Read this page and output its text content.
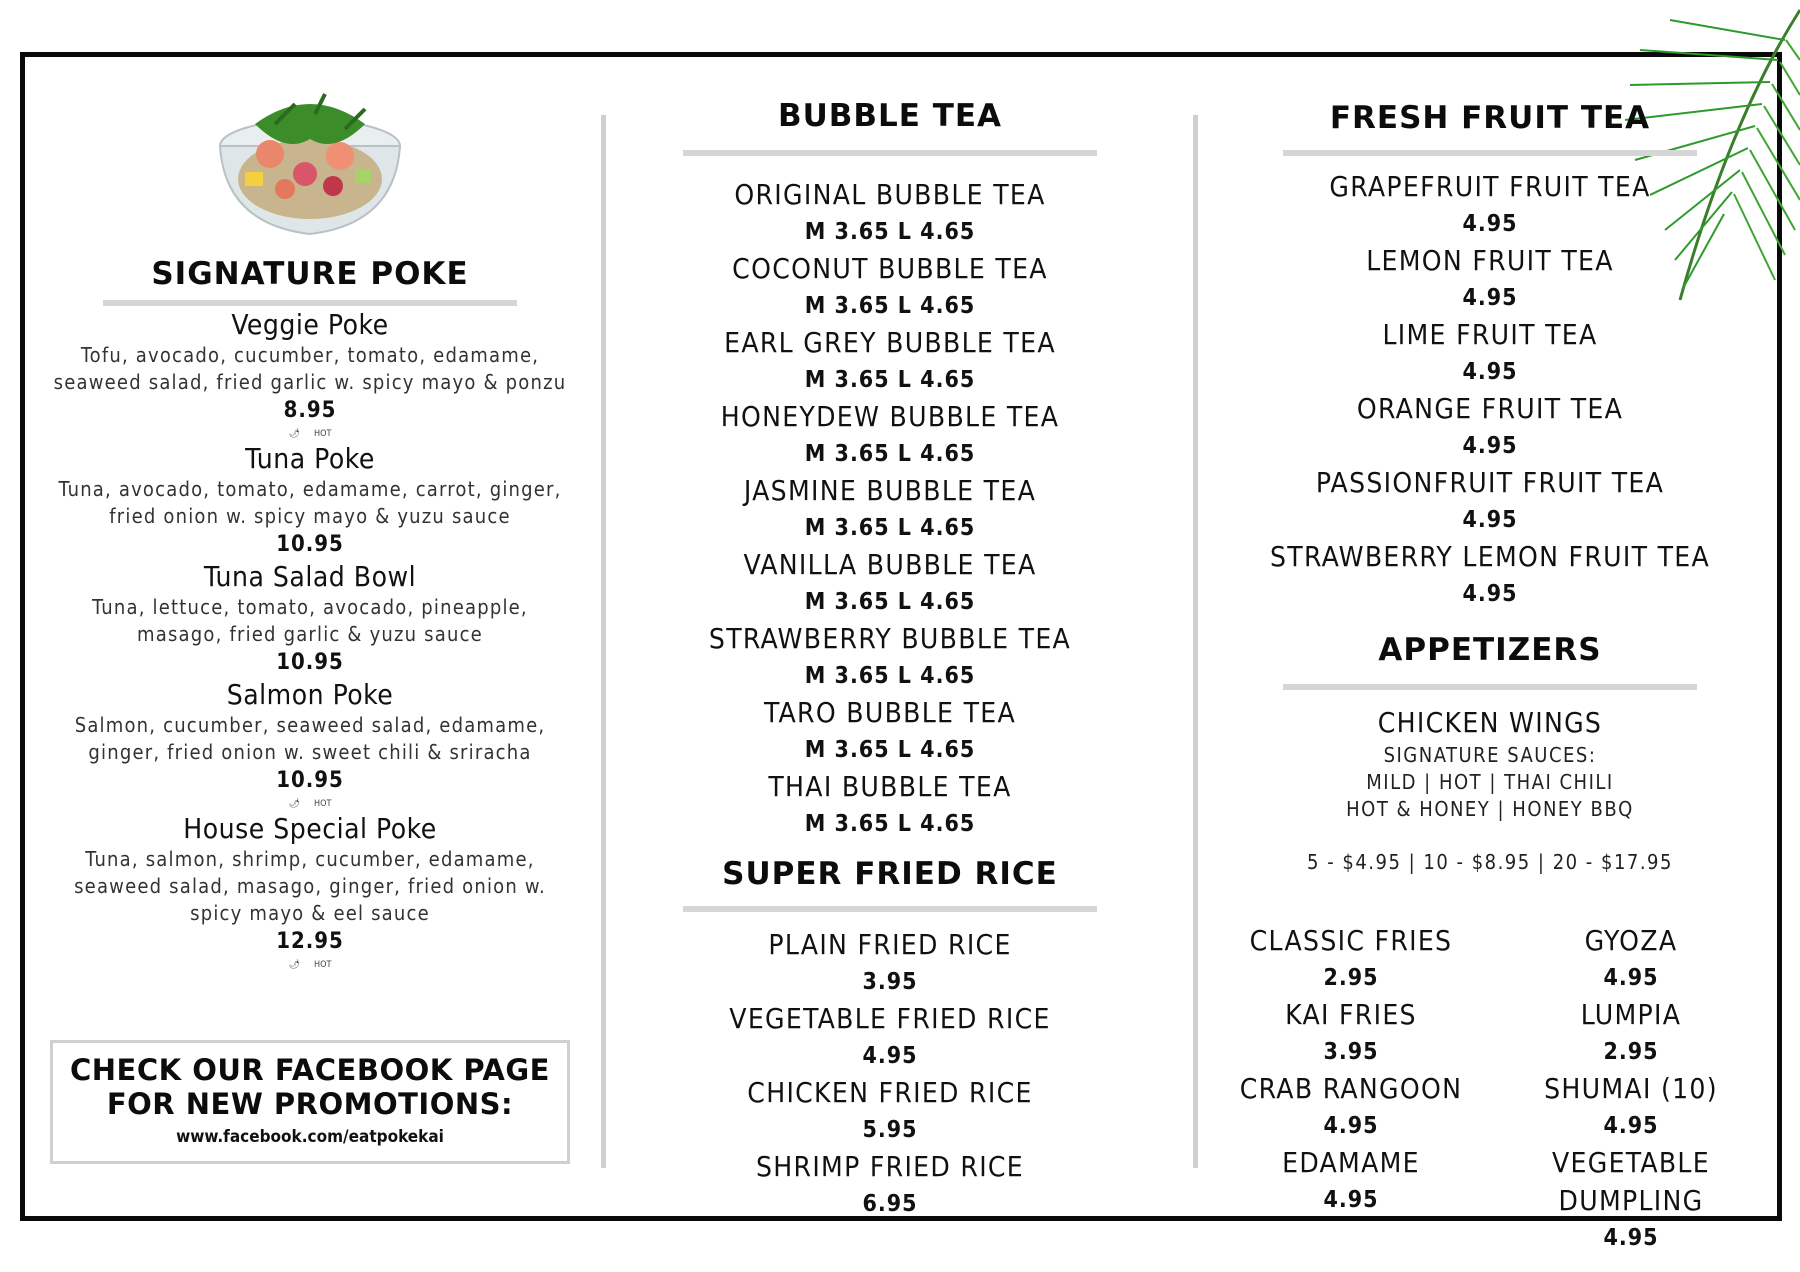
SIGNATURE POKE
Veggie Poke
Tofu, avocado, cucumber, tomato, edamame,
seaweed salad, fried garlic w. spicy mayo & ponzu
8.95
🌶 HOT
Tuna Poke
Tuna, avocado, tomato, edamame, carrot, ginger,
fried onion w. spicy mayo & yuzu sauce
10.95
Tuna Salad Bowl
Tuna, lettuce, tomato, avocado, pineapple,
masago, fried garlic & yuzu sauce
10.95
Salmon Poke
Salmon, cucumber, seaweed salad, edamame,
ginger, fried onion w. sweet chili & sriracha
10.95
🌶 HOT
House Special Poke
Tuna, salmon, shrimp, cucumber, edamame,
seaweed salad, masago, ginger, fried onion w.
spicy mayo & eel sauce
12.95
🌶 HOT
CHECK OUR FACEBOOK PAGE
FOR NEW PROMOTIONS:
www.facebook.com/eatpokekai
BUBBLE TEA
ORIGINAL BUBBLE TEA
M 3.65 L 4.65
COCONUT BUBBLE TEA
M 3.65 L 4.65
EARL GREY BUBBLE TEA
M 3.65 L 4.65
HONEYDEW BUBBLE TEA
M 3.65 L 4.65
JASMINE BUBBLE TEA
M 3.65 L 4.65
VANILLA BUBBLE TEA
M 3.65 L 4.65
STRAWBERRY BUBBLE TEA
M 3.65 L 4.65
TARO BUBBLE TEA
M 3.65 L 4.65
THAI BUBBLE TEA
M 3.65 L 4.65
SUPER FRIED RICE
PLAIN FRIED RICE
3.95
VEGETABLE FRIED RICE
4.95
CHICKEN FRIED RICE
5.95
SHRIMP FRIED RICE
6.95
FRESH FRUIT TEA
GRAPEFRUIT FRUIT TEA
4.95
LEMON FRUIT TEA
4.95
LIME FRUIT TEA
4.95
ORANGE FRUIT TEA
4.95
PASSIONFRUIT FRUIT TEA
4.95
STRAWBERRY LEMON FRUIT TEA
4.95
APPETIZERS
CHICKEN WINGS
SIGNATURE SAUCES:
MILD | HOT | THAI CHILI
HOT & HONEY | HONEY BBQ
5 - $4.95 | 10 - $8.95 | 20 - $17.95
CLASSIC FRIES
2.95
GYOZA
4.95
KAI FRIES
3.95
LUMPIA
2.95
CRAB RANGOON
4.95
SHUMAI (10)
4.95
EDAMAME
4.95
VEGETABLE DUMPLING
4.95
